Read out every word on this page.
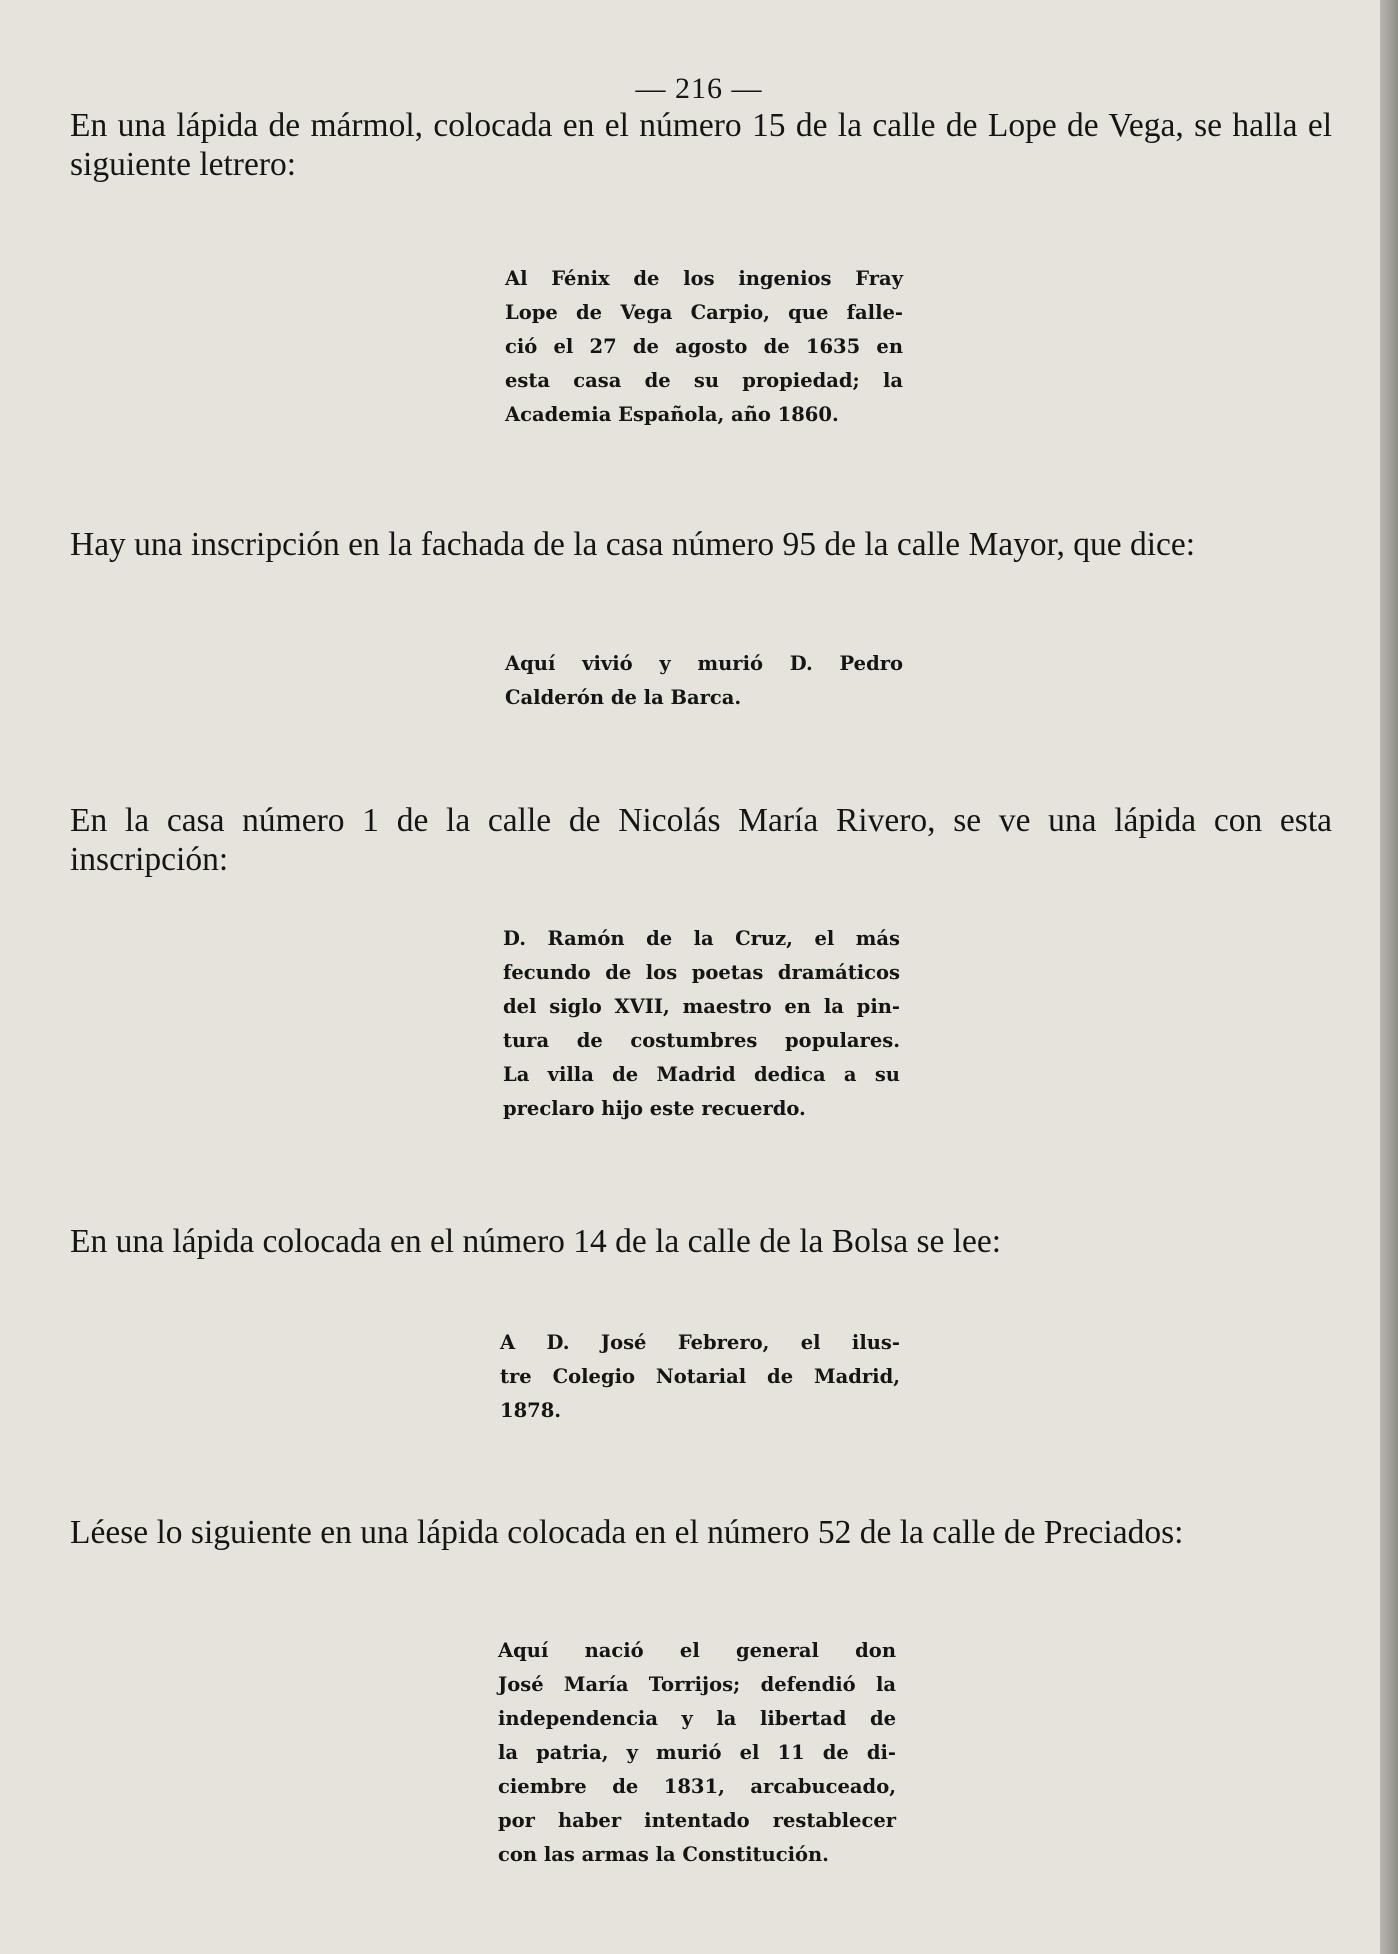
— 216 —

En una lápida de mármol, colocada en el número 15 de la calle de Lope de Vega, se halla el siguiente letrero:

Al Fénix de los ingenios Fray
Lope de Vega Carpio, que falle-
ció el 27 de agosto de 1635 en
esta casa de su propiedad; la
Academia Española, año 1860.

Hay una inscripción en la fachada de la casa número 95 de la calle Mayor, que dice:

Aquí vivió y murió D. Pedro
Calderón de la Barca.

En la casa número 1 de la calle de Nicolás María Rivero, se ve una lápida con esta inscripción:

D. Ramón de la Cruz, el más
fecundo de los poetas dramáticos
del siglo XVII, maestro en la pin-
tura de costumbres populares.
La villa de Madrid dedica a su
preclaro hijo este recuerdo.

En una lápida colocada en el número 14 de la calle de la Bolsa se lee:

A D. José Febrero, el ilus-
tre Colegio Notarial de Madrid,
1878.

Léese lo siguiente en una lápida colocada en el número 52 de la calle de Preciados:

Aquí nació el general don
José María Torrijos; defendió la
independencia y la libertad de
la patria, y murió el 11 de di-
ciembre de 1831, arcabuceado,
por haber intentado restablecer
con las armas la Constitución.
